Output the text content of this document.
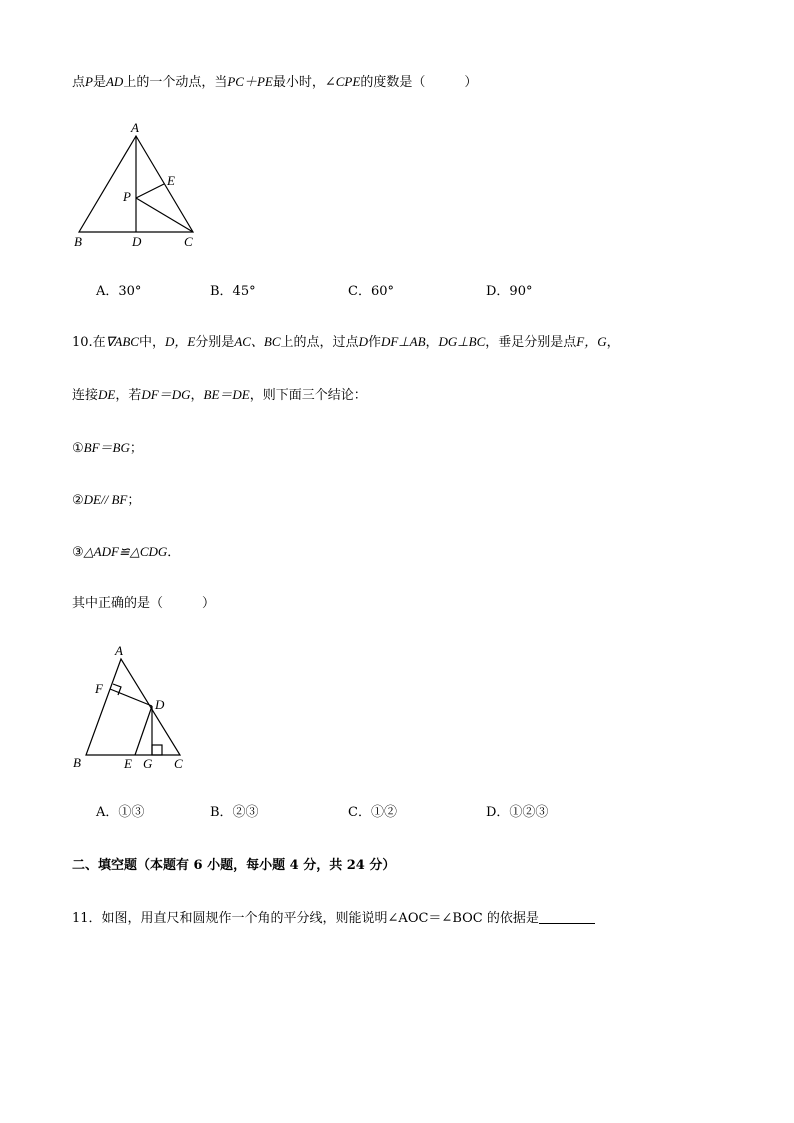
点P是AD上的一个动点，当PC＋PE最小时，∠CPE的度数是（　　　）
A
B	D	C
P
E
A．30°	B．45°	C．60°	D．90°
10.在∇ABC中，D，E分别是AC、BC上的点，过点D作DF⊥AB，DG⊥BC，垂足分别是点F，G，
连接DE，若DF＝DG，BE＝DE，则下面三个结论：
①BF＝BG；
②DE// BF；
③△ADF≌△CDG．
其中正确的是（　　　）
A
F
D
B	E G C
A．①③	B．②③	C．①②	D．①②③
二、填空题（本题有 6 小题，每小题 4 分，共 24 分）
11．如图，用直尺和圆规作一个角的平分线，则能说明∠AOC＝∠BOC 的依据是
